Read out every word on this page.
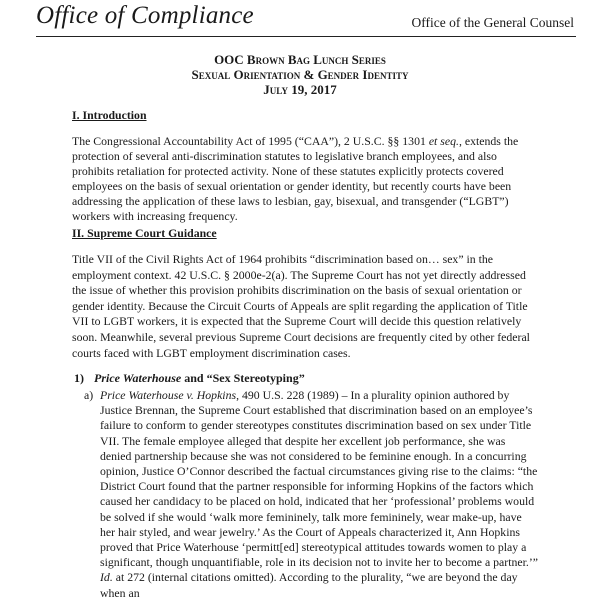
Office of Compliance	Office of the General Counsel
OOC Brown Bag Lunch Series
Sexual Orientation & Gender Identity
July 19, 2017
I. Introduction

The Congressional Accountability Act of 1995 (“CAA”), 2 U.S.C. §§ 1301 et seq., extends the protection of several anti-discrimination statutes to legislative branch employees, and also prohibits retaliation for protected activity. None of these statutes explicitly protects covered employees on the basis of sexual orientation or gender identity, but recently courts have been addressing the application of these laws to lesbian, gay, bisexual, and transgender (“LGBT”) workers with increasing frequency.

II. Supreme Court Guidance

Title VII of the Civil Rights Act of 1964 prohibits “discrimination based on… sex” in the employment context. 42 U.S.C. § 2000e-2(a). The Supreme Court has not yet directly addressed the issue of whether this provision prohibits discrimination on the basis of sexual orientation or gender identity. Because the Circuit Courts of Appeals are split regarding the application of Title VII to LGBT workers, it is expected that the Supreme Court will decide this question relatively soon. Meanwhile, several previous Supreme Court decisions are frequently cited by other federal courts faced with LGBT employment discrimination cases.

1) Price Waterhouse and “Sex Stereotyping”
a) Price Waterhouse v. Hopkins, 490 U.S. 228 (1989) – In a plurality opinion authored by Justice Brennan, the Supreme Court established that discrimination based on an employee’s failure to conform to gender stereotypes constitutes discrimination based on sex under Title VII. The female employee alleged that despite her excellent job performance, she was denied partnership because she was not considered to be feminine enough. In a concurring opinion, Justice O’Connor described the factual circumstances giving rise to the claims: “the District Court found that the partner responsible for informing Hopkins of the factors which caused her candidacy to be placed on hold, indicated that her ‘professional’ problems would be solved if she would ‘walk more femininely, talk more femininely, wear make-up, have her hair styled, and wear jewelry.’ As the Court of Appeals characterized it, Ann Hopkins proved that Price Waterhouse ‘permitt[ed] stereotypical attitudes towards women to play a significant, though unquantifiable, role in its decision not to invite her to become a partner.’” Id. at 272 (internal citations omitted). According to the plurality, “we are beyond the day when an
